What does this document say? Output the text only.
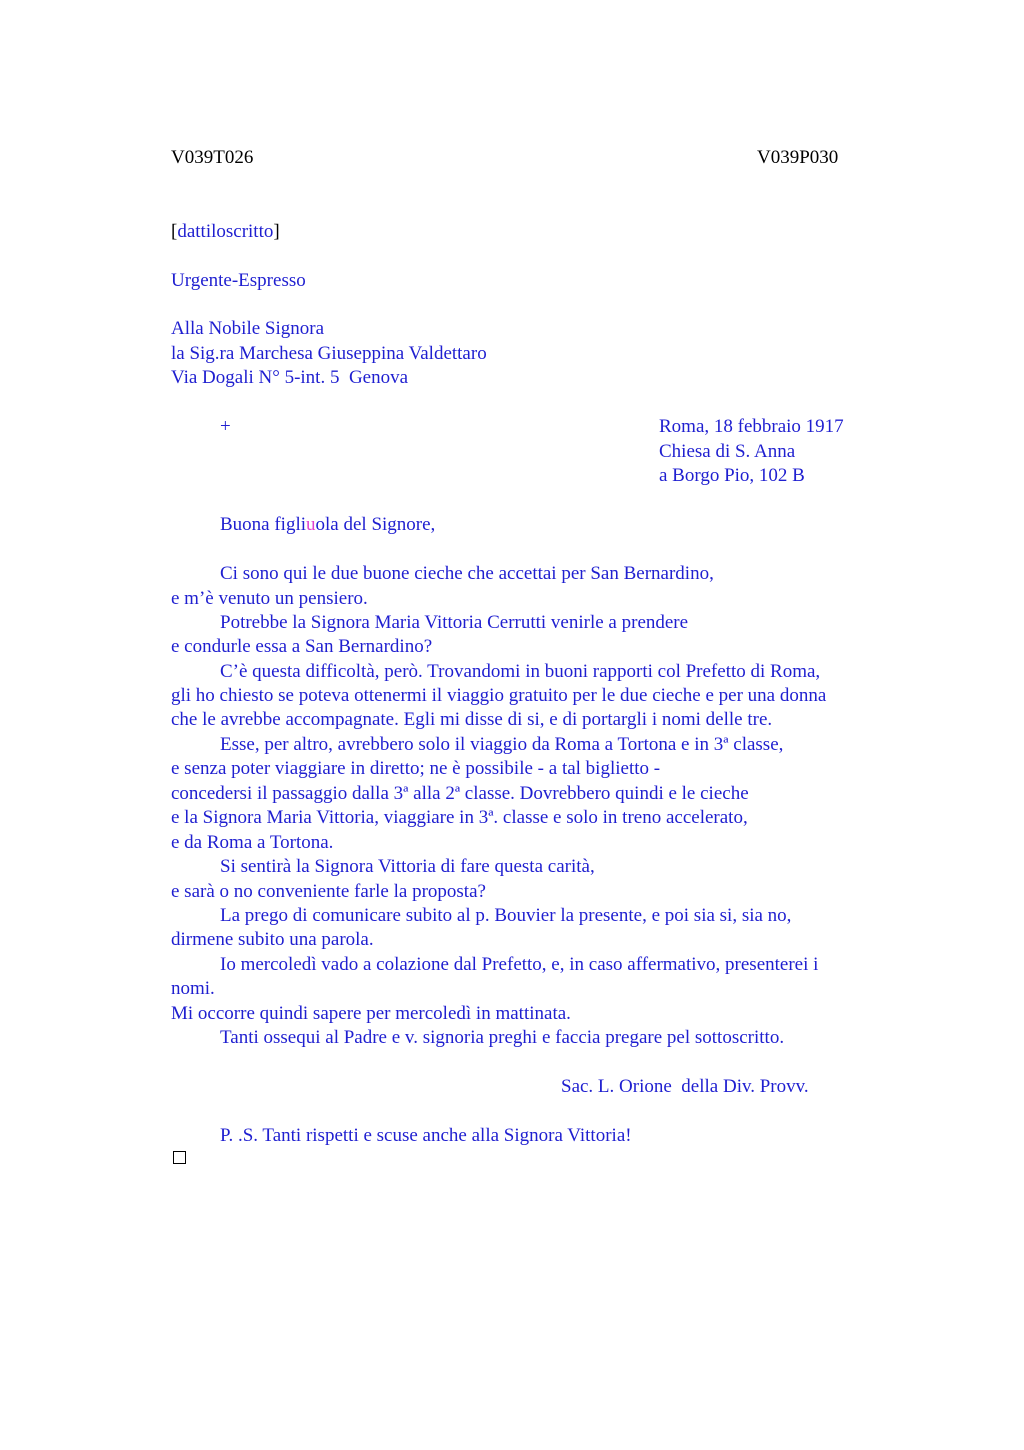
V039T026	V039P030
[dattiloscritto]
Urgente-Espresso
Alla Nobile Signora
la Sig.ra Marchesa Giuseppina Valdettaro
Via Dogali N° 5-int. 5  Genova
+	Roma, 18 febbraio 1917
Chiesa di S. Anna
a Borgo Pio, 102 B
Buona figliuola del Signore,
Ci sono qui le due buone cieche che accettai per San Bernardino,
e m’è venuto un pensiero.
Potrebbe la Signora Maria Vittoria Cerrutti venirle a prendere
e condurle essa a San Bernardino?
C’è questa difficoltà, però. Trovandomi in buoni rapporti col Prefetto di Roma,
gli ho chiesto se poteva ottenermi il viaggio gratuito per le due cieche e per una donna
che le avrebbe accompagnate. Egli mi disse di si, e di portargli i nomi delle tre.
Esse, per altro, avrebbero solo il viaggio da Roma a Tortona e in 3ª classe,
e senza poter viaggiare in diretto; ne è possibile - a tal biglietto -
concedersi il passaggio dalla 3ª alla 2ª classe. Dovrebbero quindi e le cieche
e la Signora Maria Vittoria, viaggiare in 3ª. classe e solo in treno accelerato,
e da Roma a Tortona.
Si sentirà la Signora Vittoria di fare questa carità,
e sarà o no conveniente farle la proposta?
La prego di comunicare subito al p. Bouvier la presente, e poi sia si, sia no,
dirmene subito una parola.
Io mercoledì vado a colazione dal Prefetto, e, in caso affermativo, presenterei i
nomi.
Mi occorre quindi sapere per mercoledì in mattinata.
Tanti ossequi al Padre e v. signoria preghi e faccia pregare pel sottoscritto.
Sac. L. Orione  della Div. Provv.
P. .S. Tanti rispetti e scuse anche alla Signora Vittoria!
